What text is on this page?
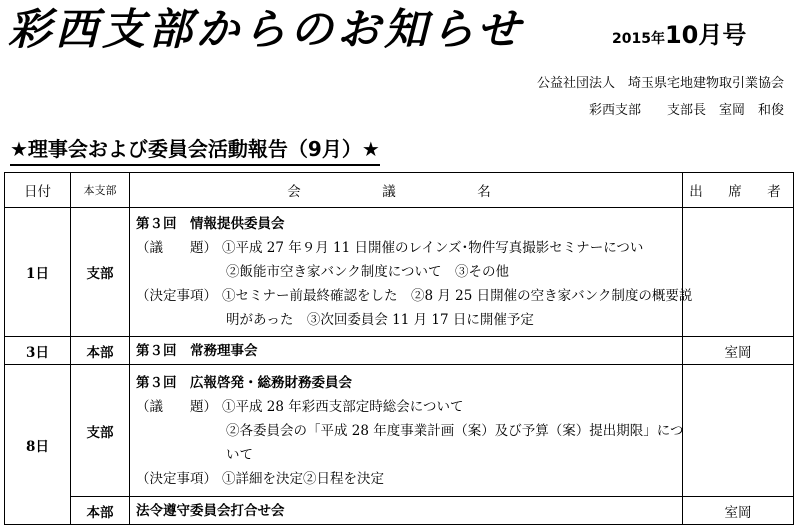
彩西支部からのお知らせ	2015年10月号
公益社団法人　埼玉県宅地建物取引業協会
彩西支部　　支部長　室岡　和俊
★理事会および委員会活動報告（9月）★
日付	本支部	会　議　名	出　席　者
1日	支部	第３回　情報提供委員会
（議　　題） ①平成 27 年９月 11 日開催のレインズ･物件写真撮影セミナーについ
②飯能市空き家バンク制度について　③その他
（決定事項） ①セミナー前最終確認をした　②8 月 25 日開催の空き家バンク制度の概要説
明があった　③次回委員会 11 月 17 日に開催予定	

3日	本部	第３回　常務理事会	室岡
8日	支部	第３回　広報啓発・総務財務委員会
（議　　題） ①平成 28 年彩西支部定時総会について
②各委員会の「平成 28 年度事業計画（案）及び予算（案）提出期限」につ
いて
（決定事項） ①詳細を決定②日程を決定	

	本部	法令遵守委員会打合せ会	室岡
